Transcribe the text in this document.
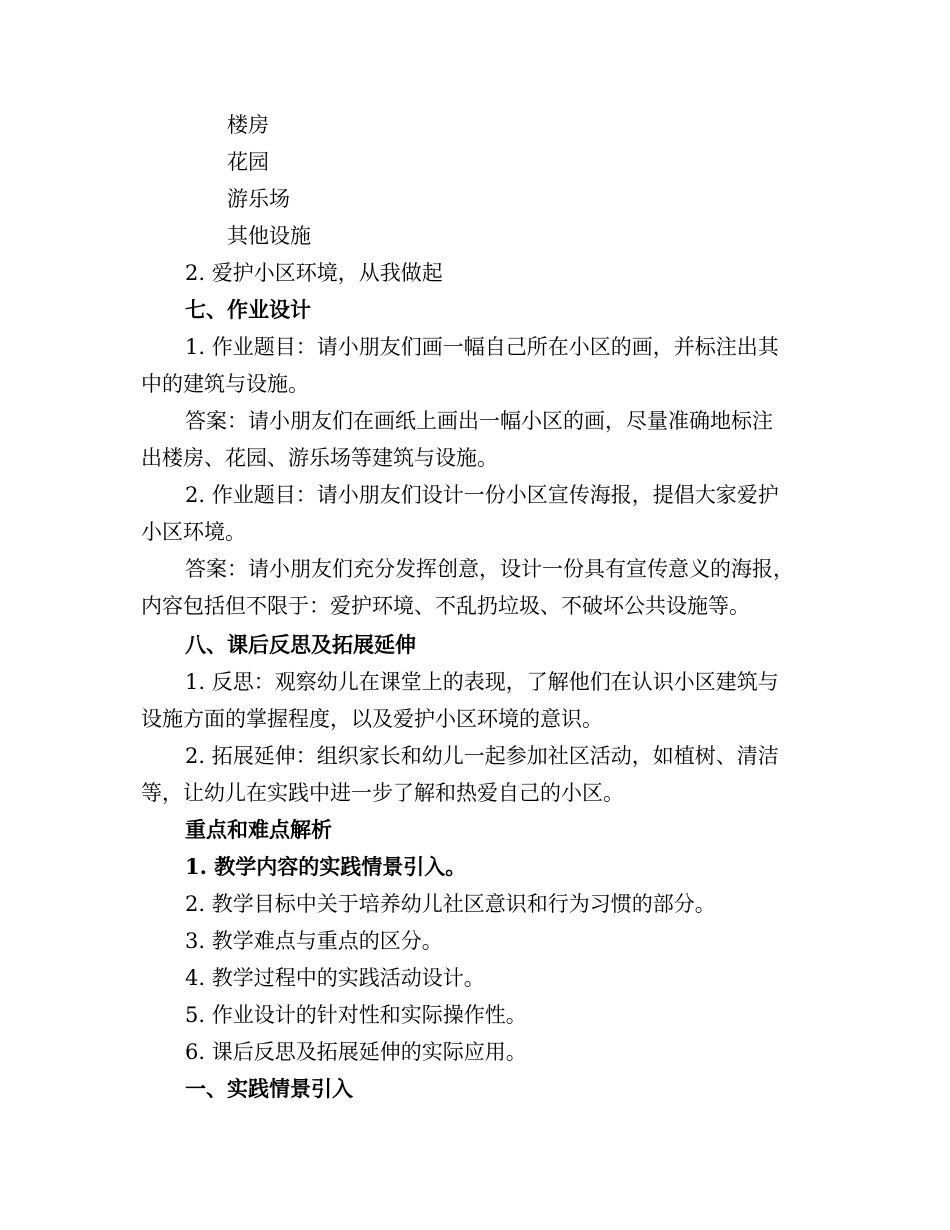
楼房
花园
游乐场
其他设施
2. 爱护小区环境，从我做起
七、作业设计
1. 作业题目：请小朋友们画一幅自己所在小区的画，并标注出其
中的建筑与设施。
答案：请小朋友们在画纸上画出一幅小区的画，尽量准确地标注
出楼房、花园、游乐场等建筑与设施。
2. 作业题目：请小朋友们设计一份小区宣传海报，提倡大家爱护
小区环境。
答案：请小朋友们充分发挥创意，设计一份具有宣传意义的海报，
内容包括但不限于：爱护环境、不乱扔垃圾、不破坏公共设施等。
八、课后反思及拓展延伸
1. 反思：观察幼儿在课堂上的表现，了解他们在认识小区建筑与
设施方面的掌握程度，以及爱护小区环境的意识。
2. 拓展延伸：组织家长和幼儿一起参加社区活动，如植树、清洁
等，让幼儿在实践中进一步了解和热爱自己的小区。
重点和难点解析
1. 教学内容的实践情景引入。
2. 教学目标中关于培养幼儿社区意识和行为习惯的部分。
3. 教学难点与重点的区分。
4. 教学过程中的实践活动设计。
5. 作业设计的针对性和实际操作性。
6. 课后反思及拓展延伸的实际应用。
一、实践情景引入
